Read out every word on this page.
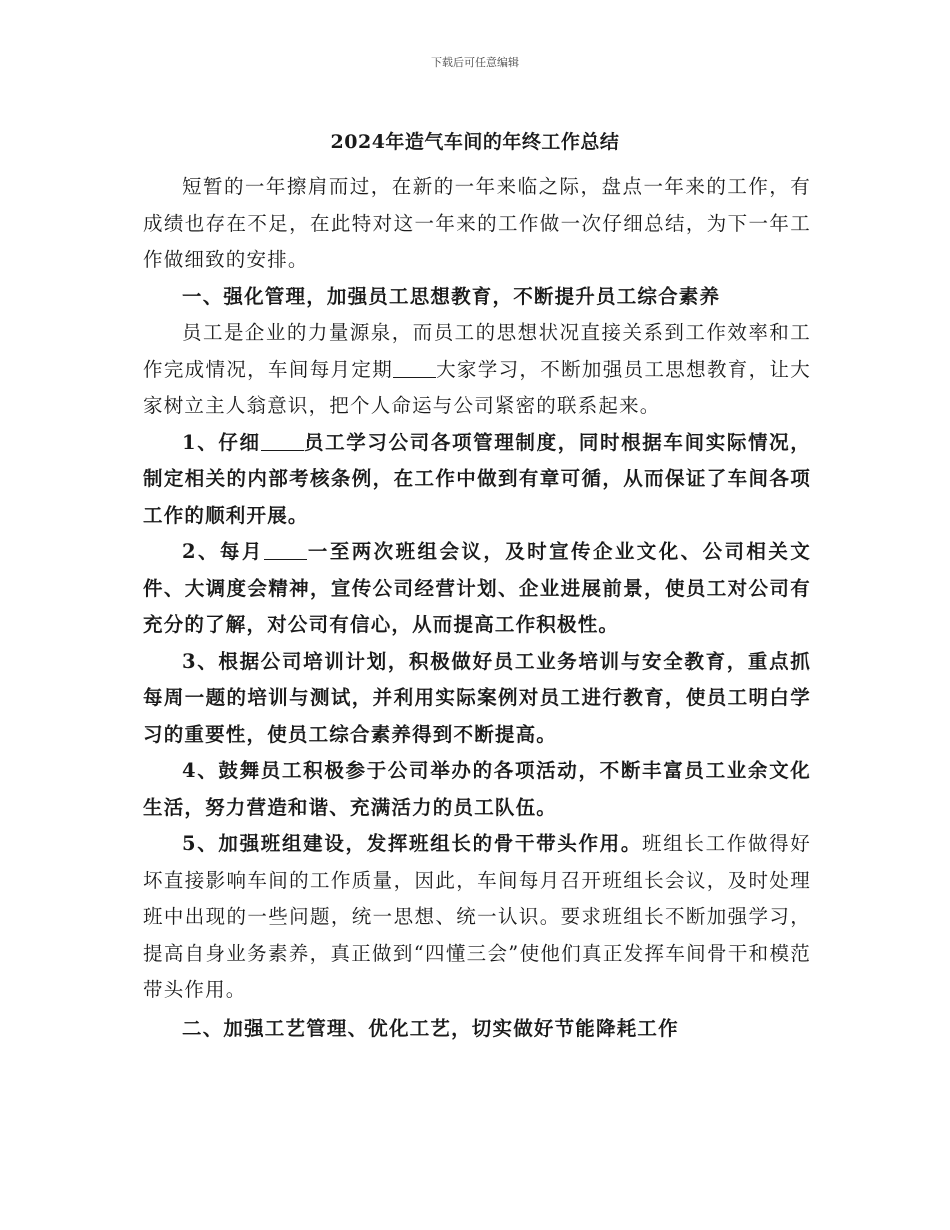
下载后可任意编辑
2024年造气车间的年终工作总结

短暂的一年擦肩而过，在新的一年来临之际，盘点一年来的工作，有成绩也存在不足，在此特对这一年来的工作做一次仔细总结，为下一年工作做细致的安排。

一、强化管理，加强员工思想教育，不断提升员工综合素养

员工是企业的力量源泉，而员工的思想状况直接关系到工作效率和工作完成情况，车间每月定期 大家学习，不断加强员工思想教育，让大家树立主人翁意识，把个人命运与公司紧密的联系起来。

1、仔细 员工学习公司各项管理制度，同时根据车间实际情况，制定相关的内部考核条例，在工作中做到有章可循，从而保证了车间各项工作的顺利开展。

2、每月 一至两次班组会议，及时宣传企业文化、公司相关文件、大调度会精神，宣传公司经营计划、企业进展前景，使员工对公司有充分的了解，对公司有信心，从而提高工作积极性。

3、根据公司培训计划，积极做好员工业务培训与安全教育，重点抓每周一题的培训与测试，并利用实际案例对员工进行教育，使员工明白学习的重要性，使员工综合素养得到不断提高。

4、鼓舞员工积极参于公司举办的各项活动，不断丰富员工业余文化生活，努力营造和谐、充满活力的员工队伍。

5、加强班组建设，发挥班组长的骨干带头作用。班组长工作做得好坏直接影响车间的工作质量，因此，车间每月召开班组长会议，及时处理班中出现的一些问题，统一思想、统一认识。要求班组长不断加强学习，提高自身业务素养，真正做到“四懂三会”使他们真正发挥车间骨干和模范带头作用。

二、加强工艺管理、优化工艺，切实做好节能降耗工作
